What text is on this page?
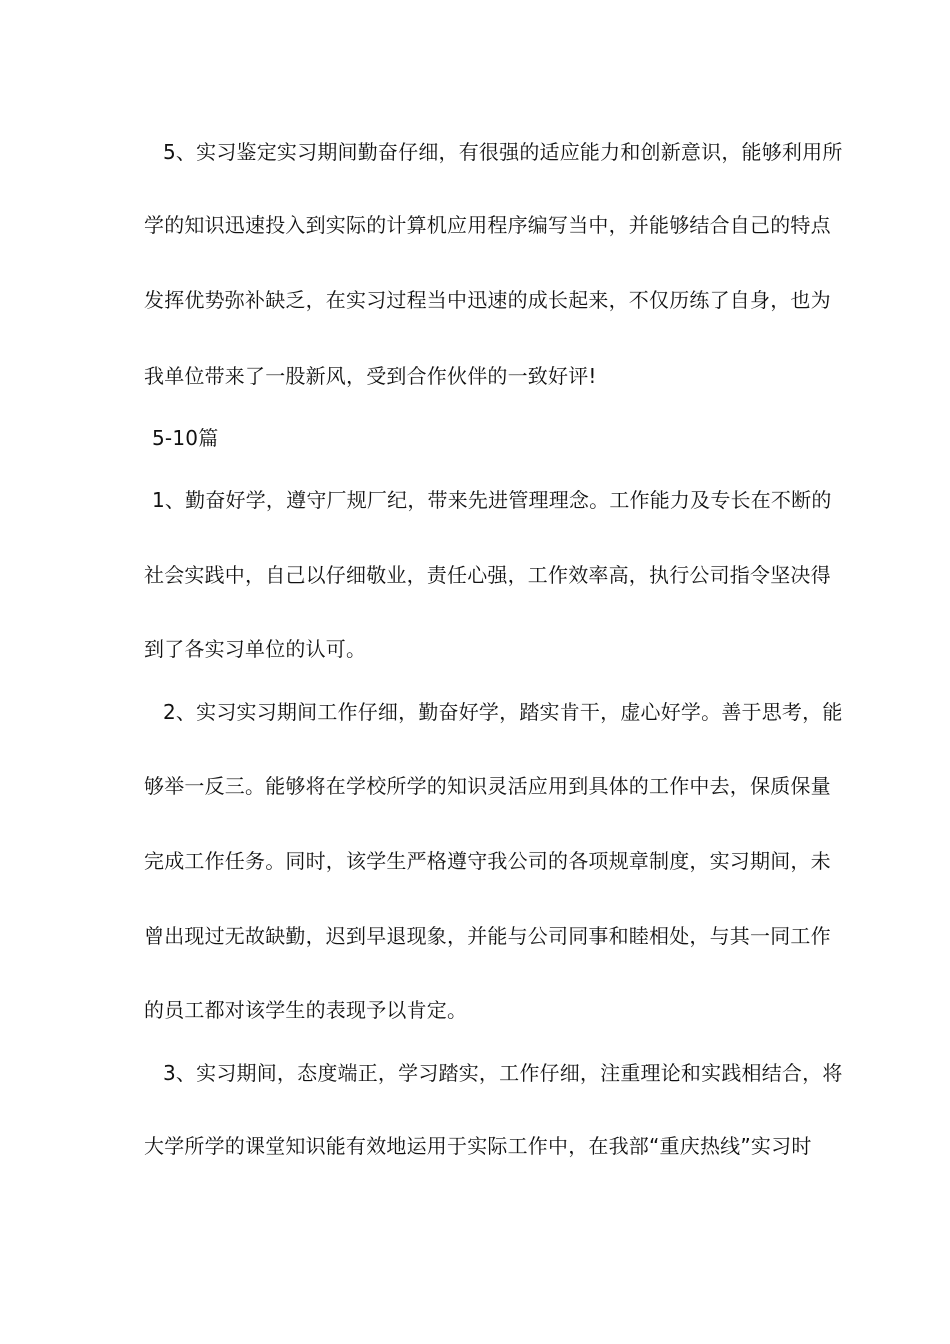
5、实习鉴定实习期间勤奋仔细，有很强的适应能力和创新意识，能够利用所
学的知识迅速投入到实际的计算机应用程序编写当中，并能够结合自己的特点
发挥优势弥补缺乏，在实习过程当中迅速的成长起来，不仅历练了自身，也为
我单位带来了一股新风，受到合作伙伴的一致好评!
5-10篇
1、勤奋好学，遵守厂规厂纪，带来先进管理理念。工作能力及专长在不断的
社会实践中，自己以仔细敬业，责任心强，工作效率高，执行公司指令坚决得
到了各实习单位的认可。
2、实习实习期间工作仔细，勤奋好学，踏实肯干，虚心好学。善于思考，能
够举一反三。能够将在学校所学的知识灵活应用到具体的工作中去，保质保量
完成工作任务。同时，该学生严格遵守我公司的各项规章制度，实习期间，未
曾出现过无故缺勤，迟到早退现象，并能与公司同事和睦相处，与其一同工作
的员工都对该学生的表现予以肯定。
3、实习期间，态度端正，学习踏实，工作仔细，注重理论和实践相结合，将
大学所学的课堂知识能有效地运用于实际工作中，在我部“重庆热线”实习时
